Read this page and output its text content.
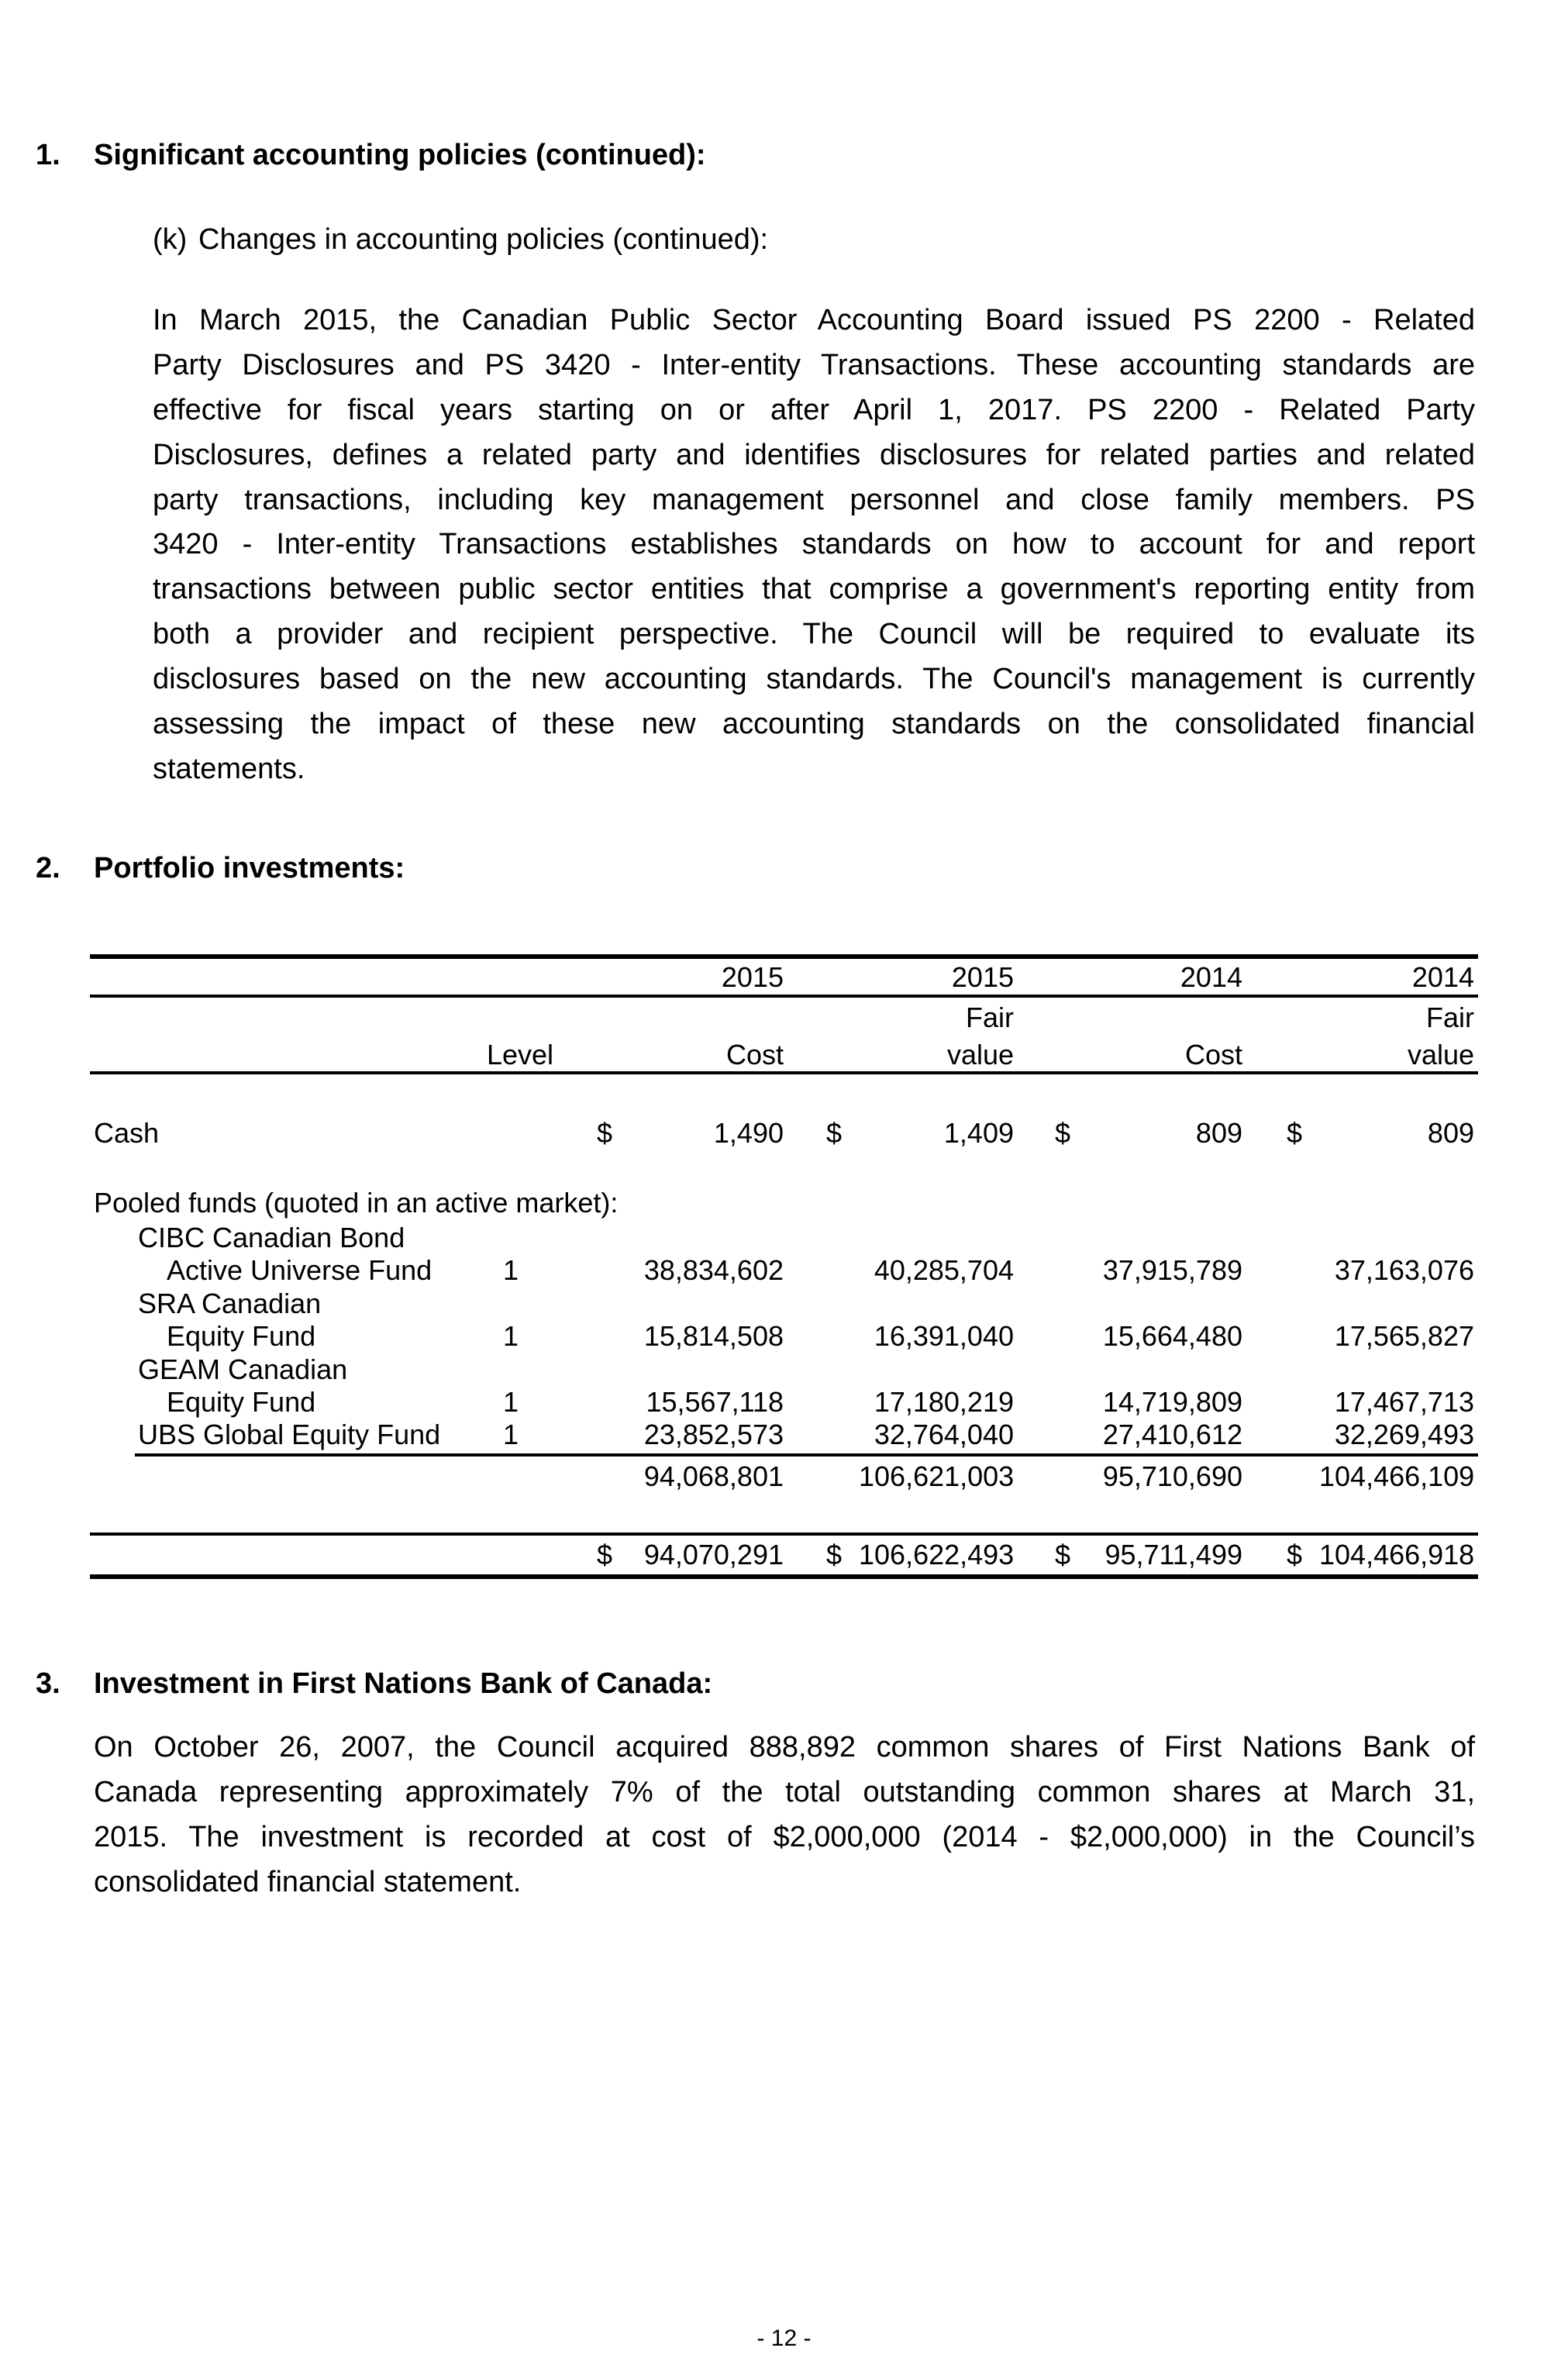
1. Significant accounting policies (continued):
(k) Changes in accounting policies (continued):
In March 2015, the Canadian Public Sector Accounting Board issued PS 2200 - Related
Party Disclosures and PS 3420 - Inter-entity Transactions. These accounting standards are
effective for fiscal years starting on or after April 1, 2017. PS 2200 - Related Party
Disclosures, defines a related party and identifies disclosures for related parties and related
party transactions, including key management personnel and close family members. PS
3420 - Inter-entity Transactions establishes standards on how to account for and report
transactions between public sector entities that comprise a government's reporting entity from
both a provider and recipient perspective. The Council will be required to evaluate its
disclosures based on the new accounting standards. The Council's management is currently
assessing the impact of these new accounting standards on the consolidated financial
statements.
2. Portfolio investments:
2015	2015	2014	2014
Fair	Fair
Level	Cost	value	Cost	value
Cash	$	1,490 $	1,409 $	809 $	809
Pooled funds (quoted in an active market):
CIBC Canadian Bond
Active Universe Fund	1	38,834,602	40,285,704	37,915,789	37,163,076
SRA Canadian
Equity Fund	1	15,814,508	16,391,040	15,664,480	17,565,827
GEAM Canadian
Equity Fund	1	15,567,118	17,180,219	14,719,809	17,467,713
UBS Global Equity Fund	1	23,852,573	32,764,040	27,410,612	32,269,493
94,068,801	106,621,003	95,710,690	104,466,109
$	94,070,291 $ 106,622,493 $	95,711,499 $ 104,466,918
3. Investment in First Nations Bank of Canada:
On October 26, 2007, the Council acquired 888,892 common shares of First Nations Bank of
Canada representing approximately 7% of the total outstanding common shares at March 31,
2015. The investment is recorded at cost of $2,000,000 (2014 - $2,000,000) in the Council’s
consolidated financial statement.
- 12 -
